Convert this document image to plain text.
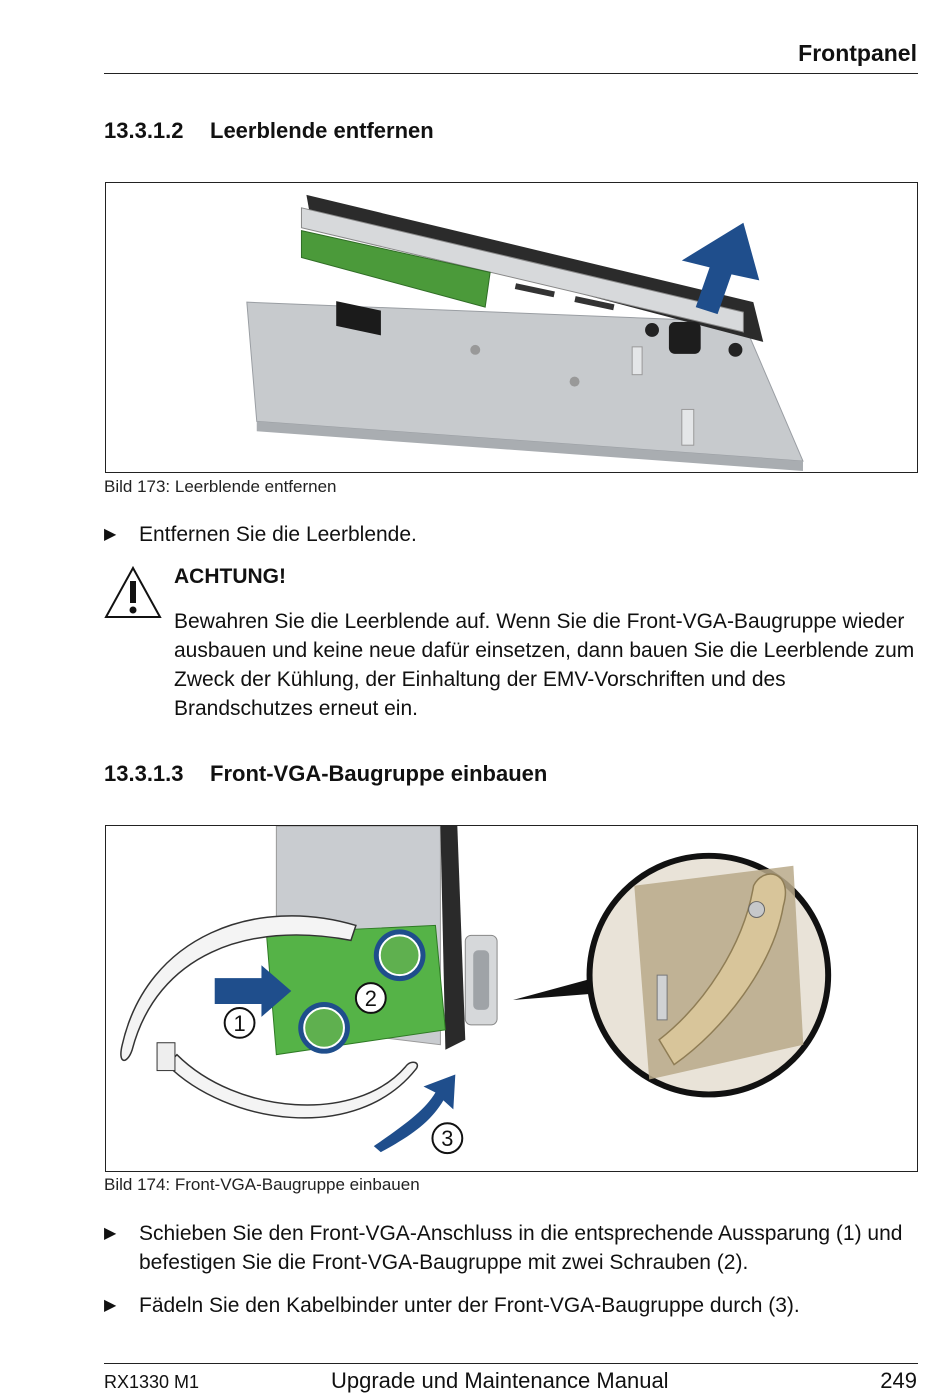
Frontpanel
13.3.1.2 Leerblende entfernen
Bild 173: Leerblende entfernen
▶ Entfernen Sie die Leerblende.
ACHTUNG!
Bewahren Sie die Leerblende auf. Wenn Sie die Front-VGA-Baugruppe wieder ausbauen und keine neue dafür einsetzen, dann bauen Sie die Leerblende zum Zweck der Kühlung, der Einhaltung der EMV-Vorschriften und des Brandschutzes erneut ein.
13.3.1.3 Front-VGA-Baugruppe einbauen
1
2
3
Bild 174: Front-VGA-Baugruppe einbauen
▶ Schieben Sie den Front-VGA-Anschluss in die entsprechende Aussparung (1) und befestigen Sie die Front-VGA-Baugruppe mit zwei Schrauben (2).
▶ Fädeln Sie den Kabelbinder unter der Front-VGA-Baugruppe durch (3).
RX1330 M1	Upgrade und Maintenance Manual	249
